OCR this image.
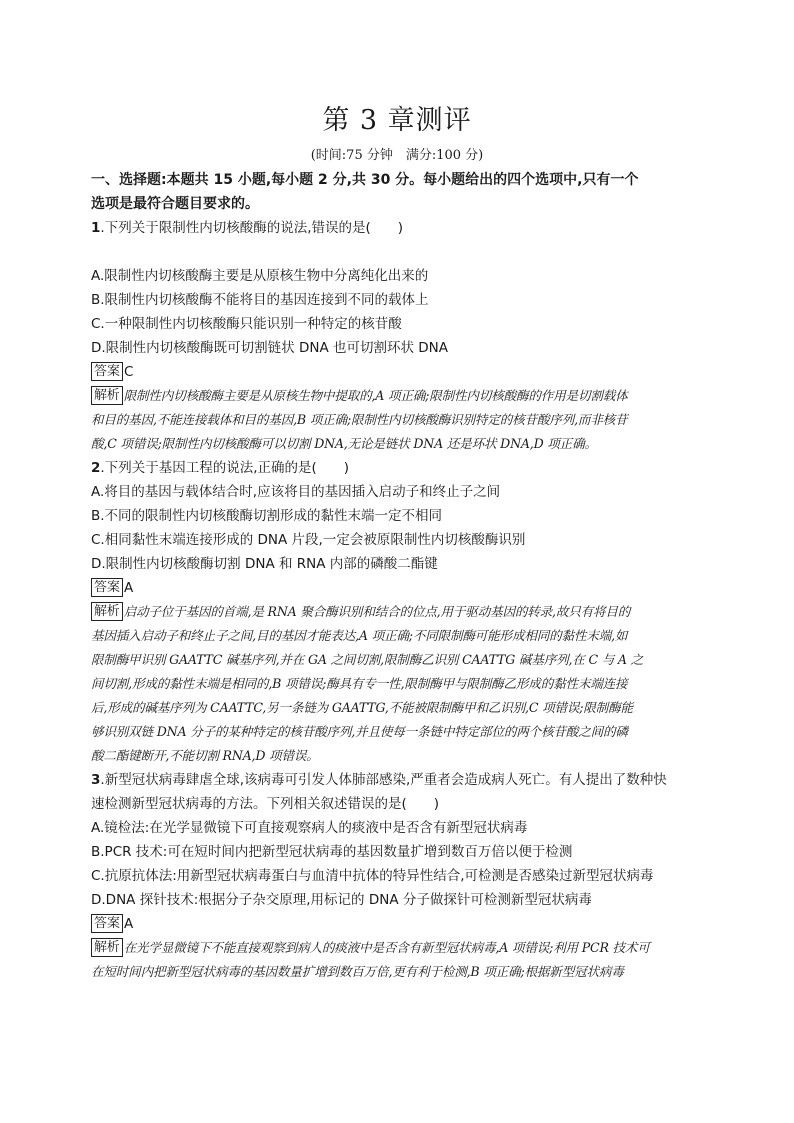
第 3 章测评
(时间:75 分钟　满分:100 分)
一、选择题:本题共 15 小题,每小题 2 分,共 30 分。每小题给出的四个选项中,只有一个
选项是最符合题目要求的。
1.下列关于限制性内切核酸酶的说法,错误的是(　　)
A.限制性内切核酸酶主要是从原核生物中分离纯化出来的
B.限制性内切核酸酶不能将目的基因连接到不同的载体上
C.一种限制性内切核酸酶只能识别一种特定的核苷酸
D.限制性内切核酸酶既可切割链状 DNA 也可切割环状 DNA
答案 C
解析 限制性内切核酸酶主要是从原核生物中提取的,A 项正确;限制性内切核酸酶的作用是切割载体
和目的基因,不能连接载体和目的基因,B 项正确;限制性内切核酸酶识别特定的核苷酸序列,而非核苷
酸,C 项错误;限制性内切核酸酶可以切割 DNA,无论是链状 DNA 还是环状 DNA,D 项正确。
2.下列关于基因工程的说法,正确的是(　　)
A.将目的基因与载体结合时,应该将目的基因插入启动子和终止子之间
B.不同的限制性内切核酸酶切割形成的黏性末端一定不相同
C.相同黏性末端连接形成的 DNA 片段,一定会被原限制性内切核酸酶识别
D.限制性内切核酸酶切割 DNA 和 RNA 内部的磷酸二酯键
答案 A
解析 启动子位于基因的首端,是 RNA 聚合酶识别和结合的位点,用于驱动基因的转录,故只有将目的
基因插入启动子和终止子之间,目的基因才能表达,A 项正确;不同限制酶可能形成相同的黏性末端,如
限制酶甲识别 GAATTC 碱基序列,并在 GA 之间切割,限制酶乙识别 CAATTG 碱基序列,在 C 与 A 之
间切割,形成的黏性末端是相同的,B 项错误;酶具有专一性,限制酶甲与限制酶乙形成的黏性末端连接
后,形成的碱基序列为 CAATTC,另一条链为 GAATTG,不能被限制酶甲和乙识别,C 项错误;限制酶能
够识别双链 DNA 分子的某种特定的核苷酸序列,并且使每一条链中特定部位的两个核苷酸之间的磷
酸二酯键断开,不能切割 RNA,D 项错误。
3.新型冠状病毒肆虐全球,该病毒可引发人体肺部感染,严重者会造成病人死亡。有人提出了数种快
速检测新型冠状病毒的方法。下列相关叙述错误的是(　　)
A.镜检法:在光学显微镜下可直接观察病人的痰液中是否含有新型冠状病毒
B.PCR 技术:可在短时间内把新型冠状病毒的基因数量扩增到数百万倍以便于检测
C.抗原抗体法:用新型冠状病毒蛋白与血清中抗体的特异性结合,可检测是否感染过新型冠状病毒
D.DNA 探针技术:根据分子杂交原理,用标记的 DNA 分子做探针可检测新型冠状病毒
答案 A
解析 在光学显微镜下不能直接观察到病人的痰液中是否含有新型冠状病毒,A 项错误;利用 PCR 技术可
在短时间内把新型冠状病毒的基因数量扩增到数百万倍,更有利于检测,B 项正确;根据新型冠状病毒
